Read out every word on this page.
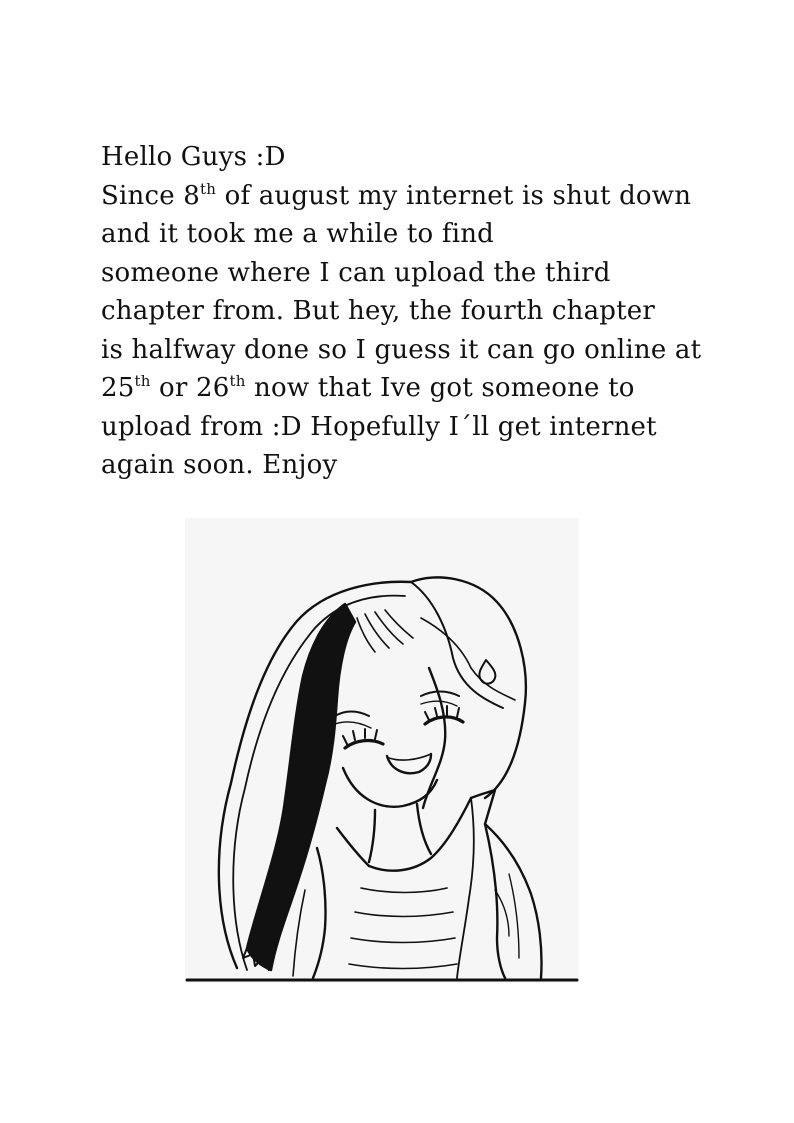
Hello Guys :D
Since 8th of august my internet is shut down
and it took me a while to find
someone where I can upload the third
chapter from. But hey, the fourth chapter
is halfway done so I guess it can go online at
25th or 26th now that Ive got someone to
upload from :D Hopefully I´ll get internet
again soon. Enjoy
